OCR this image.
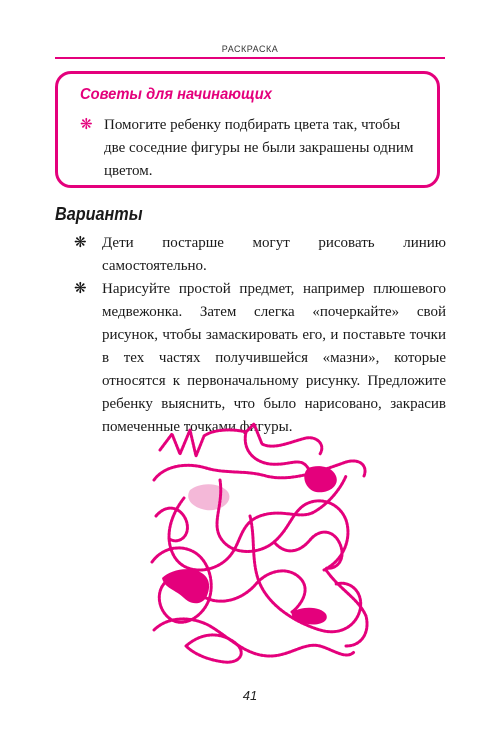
РАСКРАСКА
Советы для начинающих
❋ Помогите ребенку подбирать цвета так, чтобы две соседние фигуры не были закрашены одним цветом.
Варианты
❋	Дети постарше могут рисовать линию самостоятельно.
❋	Нарисуйте простой предмет, например плюшевого медвежонка. Затем слегка «почеркайте» свой рисунок, чтобы замаскировать его, и поставьте точки в тех частях получившейся «мазни», которые относятся к первоначальному рисунку. Предложите ребенку выяснить, что было нарисовано, закрасив помеченные точками фигуры.
41
